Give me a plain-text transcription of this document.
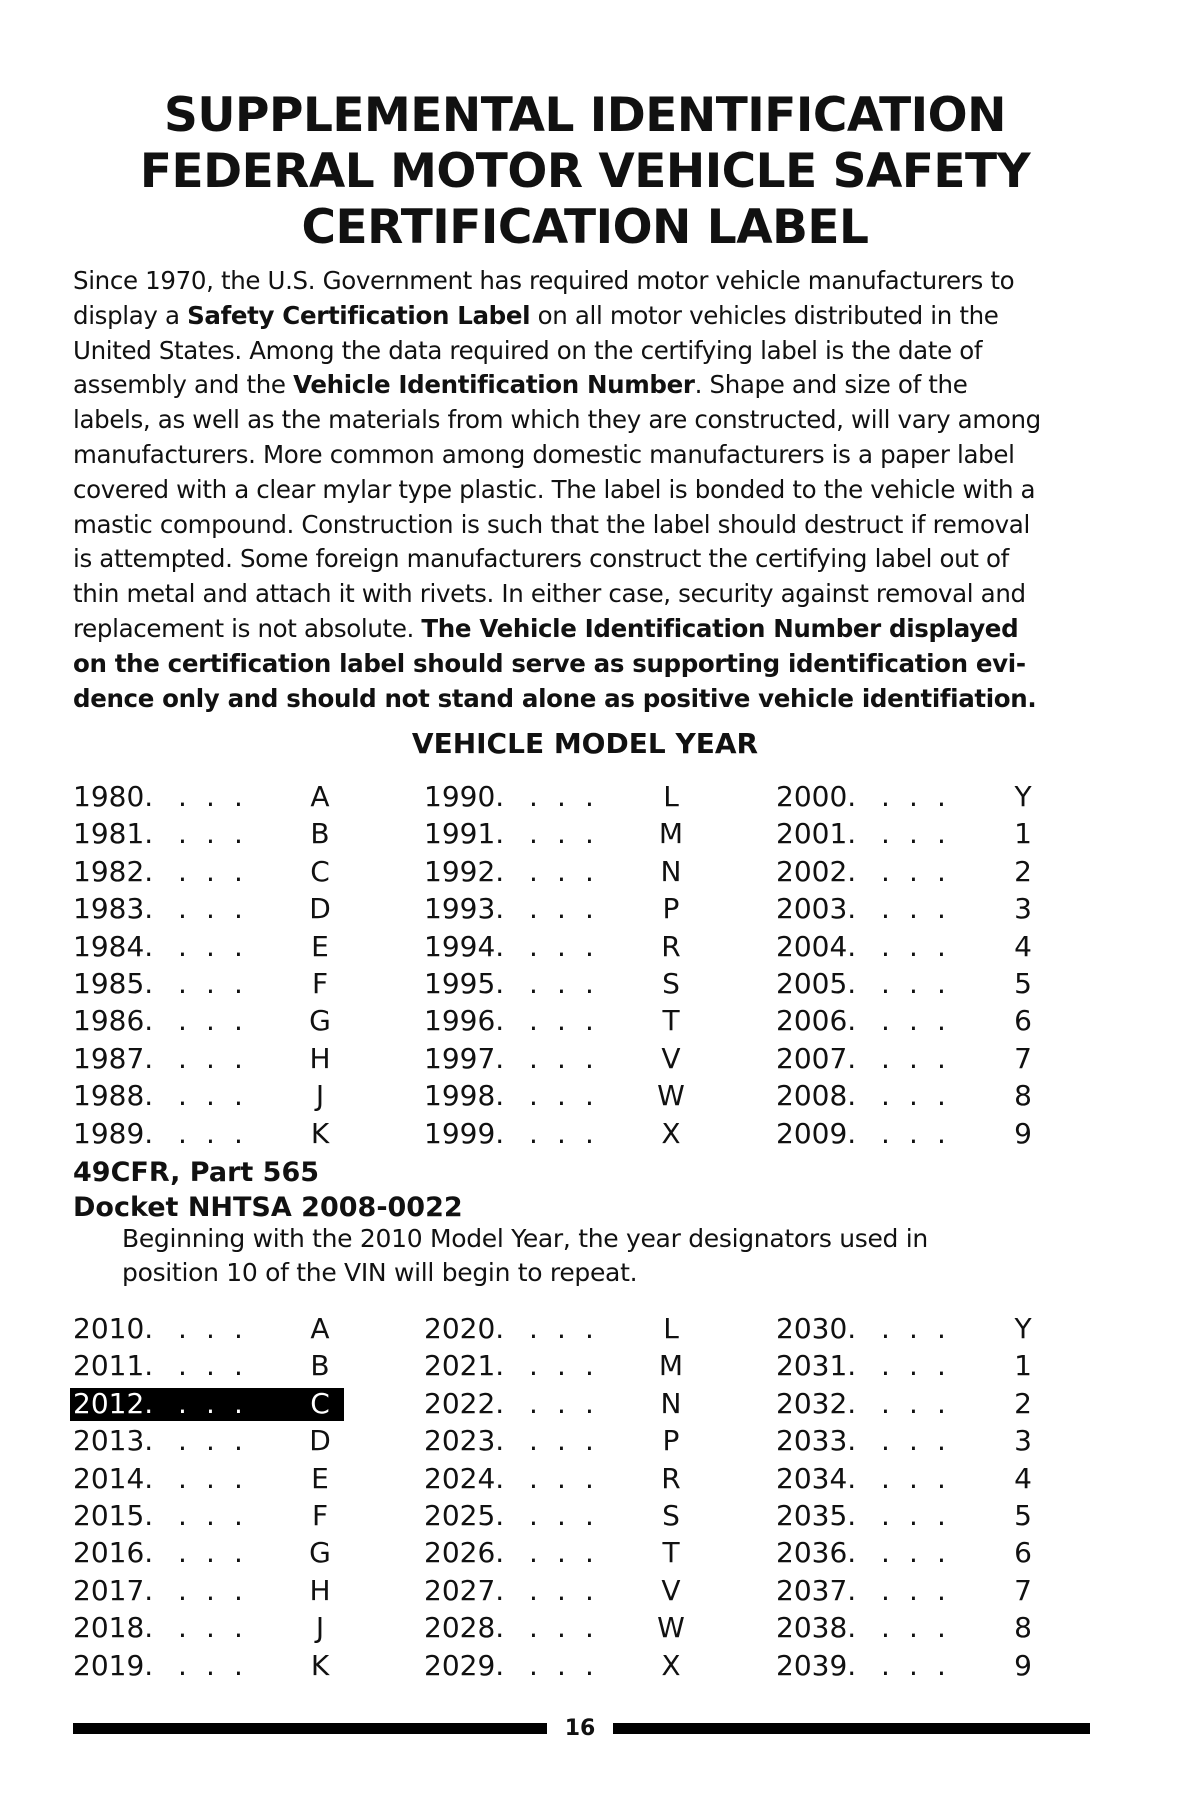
SUPPLEMENTAL IDENTIFICATION
FEDERAL MOTOR VEHICLE SAFETY
CERTIFICATION LABEL
Since 1970, the U.S. Government has required motor vehicle manufacturers to
display a Safety Certification Label on all motor vehicles distributed in the
United States. Among the data required on the certifying label is the date of
assembly and the Vehicle Identification Number. Shape and size of the
labels, as well as the materials from which they are constructed, will vary among
manufacturers. More common among domestic manufacturers is a paper label
covered with a clear mylar type plastic. The label is bonded to the vehicle with a
mastic compound. Construction is such that the label should destruct if removal
is attempted. Some foreign manufacturers construct the certifying label out of
thin metal and attach it with rivets. In either case, security against removal and
replacement is not absolute. The Vehicle Identification Number displayed
on the certification label should serve as supporting identification evi-
dence only and should not stand alone as positive vehicle identifiation.
VEHICLE MODEL YEAR
1980. . . .	A	1990. . . .	L	2000. . . .	Y
1981. . . .	B	1991. . . .	M	2001. . . .	1
1982. . . .	C	1992. . . .	N	2002. . . .	2
1983. . . .	D	1993. . . .	P	2003. . . .	3
1984. . . .	E	1994. . . .	R	2004. . . .	4
1985. . . .	F	1995. . . .	S	2005. . . .	5
1986. . . .	G	1996. . . .	T	2006. . . .	6
1987. . . .	H	1997. . . .	V	2007. . . .	7
1988. . . .	J	1998. . . .	W	2008. . . .	8
1989. . . .	K	1999. . . .	X	2009. . . .	9
49CFR, Part 565
Docket NHTSA 2008-0022
Beginning with the 2010 Model Year, the year designators used in
position 10 of the VIN will begin to repeat.
2010. . . .	A	2020. . . .	L	2030. . . .	Y
2011. . . .	B	2021. . . .	M	2031. . . .	1
2012. . . .	C	2022. . . .	N	2032. . . .	2
2013. . . .	D	2023. . . .	P	2033. . . .	3
2014. . . .	E	2024. . . .	R	2034. . . .	4
2015. . . .	F	2025. . . .	S	2035. . . .	5
2016. . . .	G	2026. . . .	T	2036. . . .	6
2017. . . .	H	2027. . . .	V	2037. . . .	7
2018. . . .	J	2028. . . .	W	2038. . . .	8
2019. . . .	K	2029. . . .	X	2039. . . .	9
16
